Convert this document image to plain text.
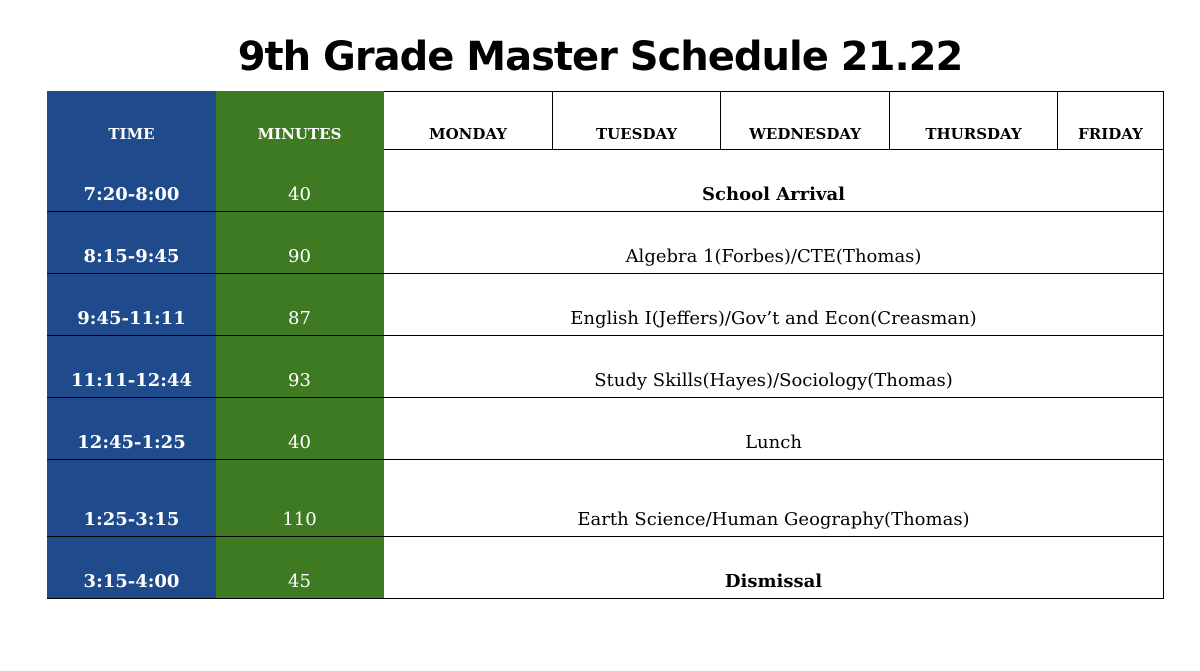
9th Grade Master Schedule 21.22
TIME	MINUTES	MONDAY	TUESDAY	WEDNESDAY	THURSDAY	FRIDAY
7:20-8:00	40	School Arrival				
8:15-9:45	90	Algebra 1(Forbes)/CTE(Thomas)				
9:45-11:11	87	English I(Jeffers)/Gov’t and Econ(Creasman)				
11:11-12:44	93	Study Skills(Hayes)/Sociology(Thomas)				
12:45-1:25	40	Lunch				
1:25-3:15	110	Earth Science/Human Geography(Thomas)				
3:15-4:00	45	Dismissal				
